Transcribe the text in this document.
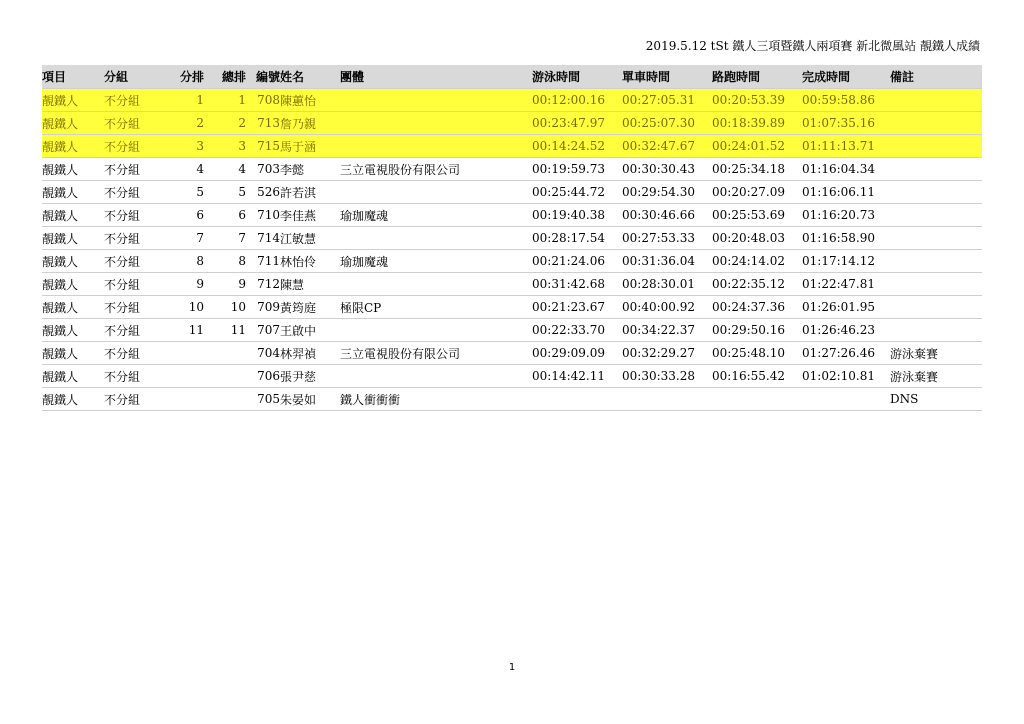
2019.5.12 tSt 鐵人三項暨鐵人兩項賽 新北微風站 靚鐵人成績
項目	分組	分排	總排	編號	姓名	團體	游泳時間	單車時間	路跑時間	完成時間	備註
靚鐵人	不分組	1	1	708	陳蕙怡		00:12:00.16	00:27:05.31	00:20:53.39	00:59:58.86	
靚鐵人	不分組	2	2	713	詹乃親		00:23:47.97	00:25:07.30	00:18:39.89	01:07:35.16	
靚鐵人	不分組	3	3	715	馬于涵		00:14:24.52	00:32:47.67	00:24:01.52	01:11:13.71	
靚鐵人	不分組	4	4	703	李懿	三立電視股份有限公司	00:19:59.73	00:30:30.43	00:25:34.18	01:16:04.34	
靚鐵人	不分組	5	5	526	許若淇		00:25:44.72	00:29:54.30	00:20:27.09	01:16:06.11	
靚鐵人	不分組	6	6	710	李佳燕	瑜珈魔魂	00:19:40.38	00:30:46.66	00:25:53.69	01:16:20.73	
靚鐵人	不分組	7	7	714	江敏慧		00:28:17.54	00:27:53.33	00:20:48.03	01:16:58.90	
靚鐵人	不分組	8	8	711	林怡伶	瑜珈魔魂	00:21:24.06	00:31:36.04	00:24:14.02	01:17:14.12	
靚鐵人	不分組	9	9	712	陳慧		00:31:42.68	00:28:30.01	00:22:35.12	01:22:47.81	
靚鐵人	不分組	10	10	709	黃筠庭	極限CP	00:21:23.67	00:40:00.92	00:24:37.36	01:26:01.95	
靚鐵人	不分組	11	11	707	王啟中		00:22:33.70	00:34:22.37	00:29:50.16	01:26:46.23	
靚鐵人	不分組			704	林羿禎	三立電視股份有限公司	00:29:09.09	00:32:29.27	00:25:48.10	01:27:26.46	游泳棄賽
靚鐵人	不分組			706	張尹慈		00:14:42.11	00:30:33.28	00:16:55.42	01:02:10.81	游泳棄賽
靚鐵人	不分組			705	朱晏如	鐵人衝衝衝					DNS
1
